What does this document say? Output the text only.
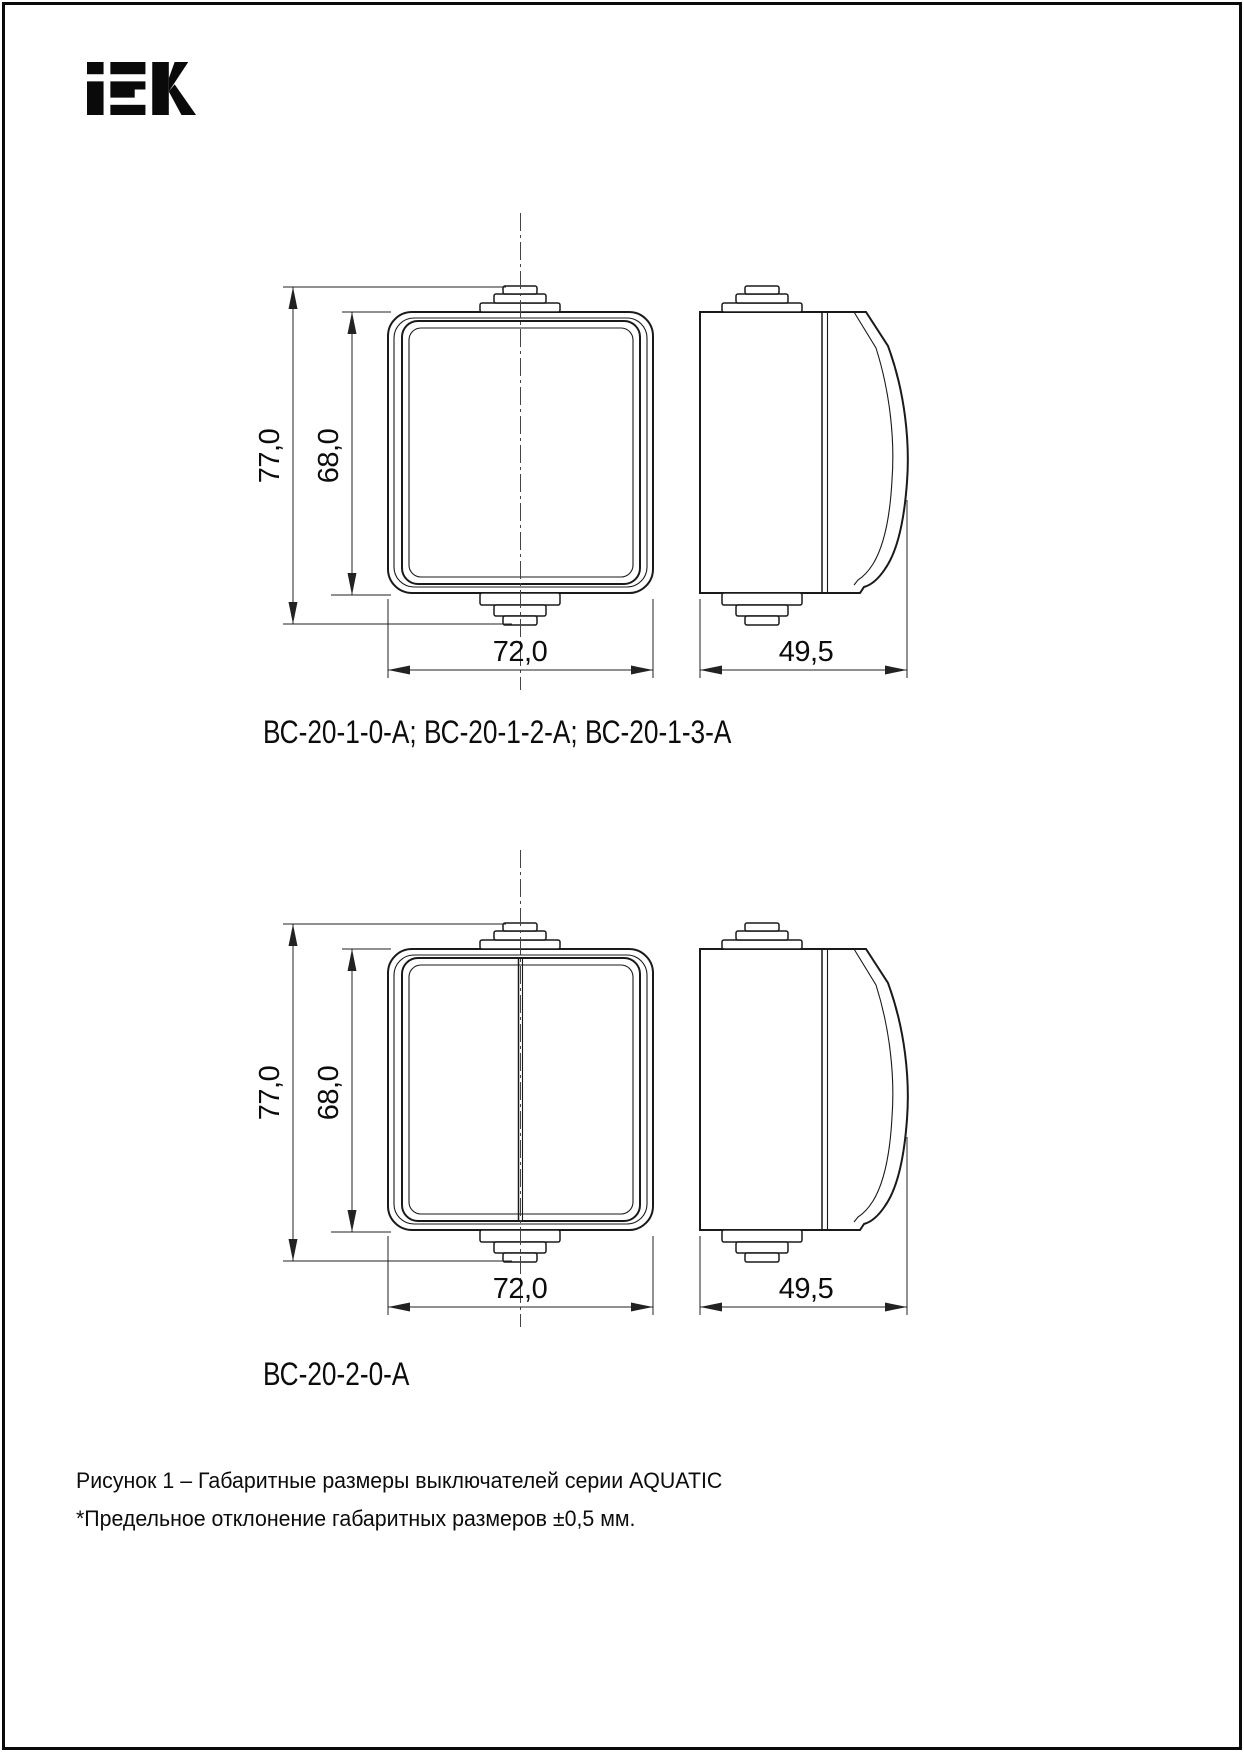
77,0 68,0
72,0	49,5
77,0 68,0
72,0	49,5
ВС-20-1-0-А; ВС-20-1-2-А; ВС-20-1-3-А
ВС-20-2-0-А
Рисунок 1 – Габаритные размеры выключателей серии AQUATIC
*Предельное отклонение габаритных размеров ±0,5 мм.
